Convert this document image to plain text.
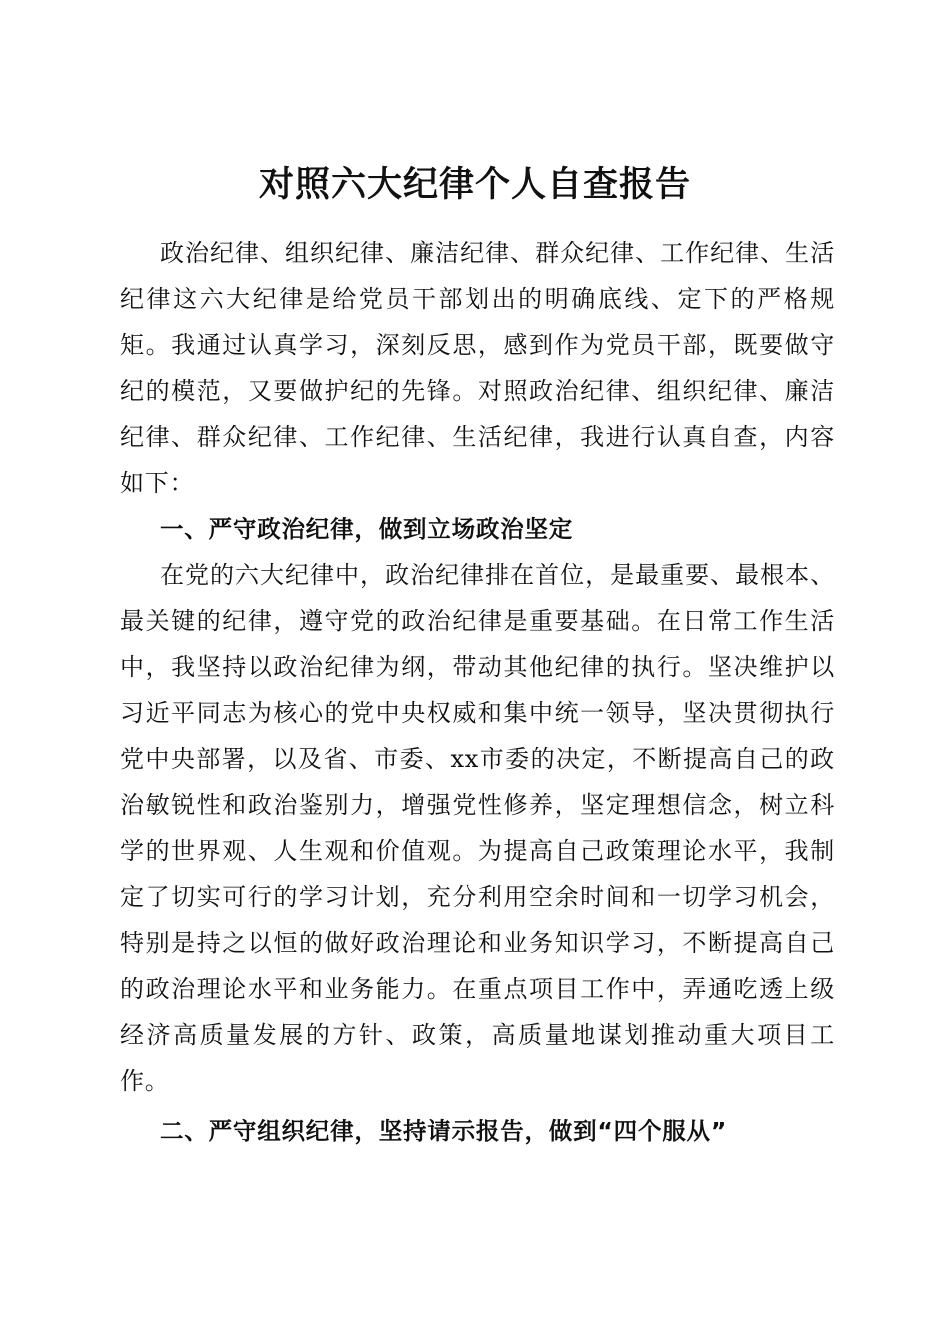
对照六大纪律个人自查报告

政治纪律、组织纪律、廉洁纪律、群众纪律、工作纪律、生活纪律这六大纪律是给党员干部划出的明确底线、定下的严格规矩。我通过认真学习，深刻反思，感到作为党员干部，既要做守纪的模范，又要做护纪的先锋。对照政治纪律、组织纪律、廉洁纪律、群众纪律、工作纪律、生活纪律，我进行认真自查，内容如下：

一、严守政治纪律，做到立场政治坚定

在党的六大纪律中，政治纪律排在首位，是最重要、最根本、最关键的纪律，遵守党的政治纪律是重要基础。在日常工作生活中，我坚持以政治纪律为纲，带动其他纪律的执行。坚决维护以习近平同志为核心的党中央权威和集中统一领导，坚决贯彻执行党中央部署，以及省、市委、xx市委的决定，不断提高自己的政治敏锐性和政治鉴别力，增强党性修养，坚定理想信念，树立科学的世界观、人生观和价值观。为提高自己政策理论水平，我制定了切实可行的学习计划，充分利用空余时间和一切学习机会，特别是持之以恒的做好政治理论和业务知识学习，不断提高自己的政治理论水平和业务能力。在重点项目工作中，弄通吃透上级经济高质量发展的方针、政策，高质量地谋划推动重大项目工作。

二、严守组织纪律，坚持请示报告，做到“四个服从”
